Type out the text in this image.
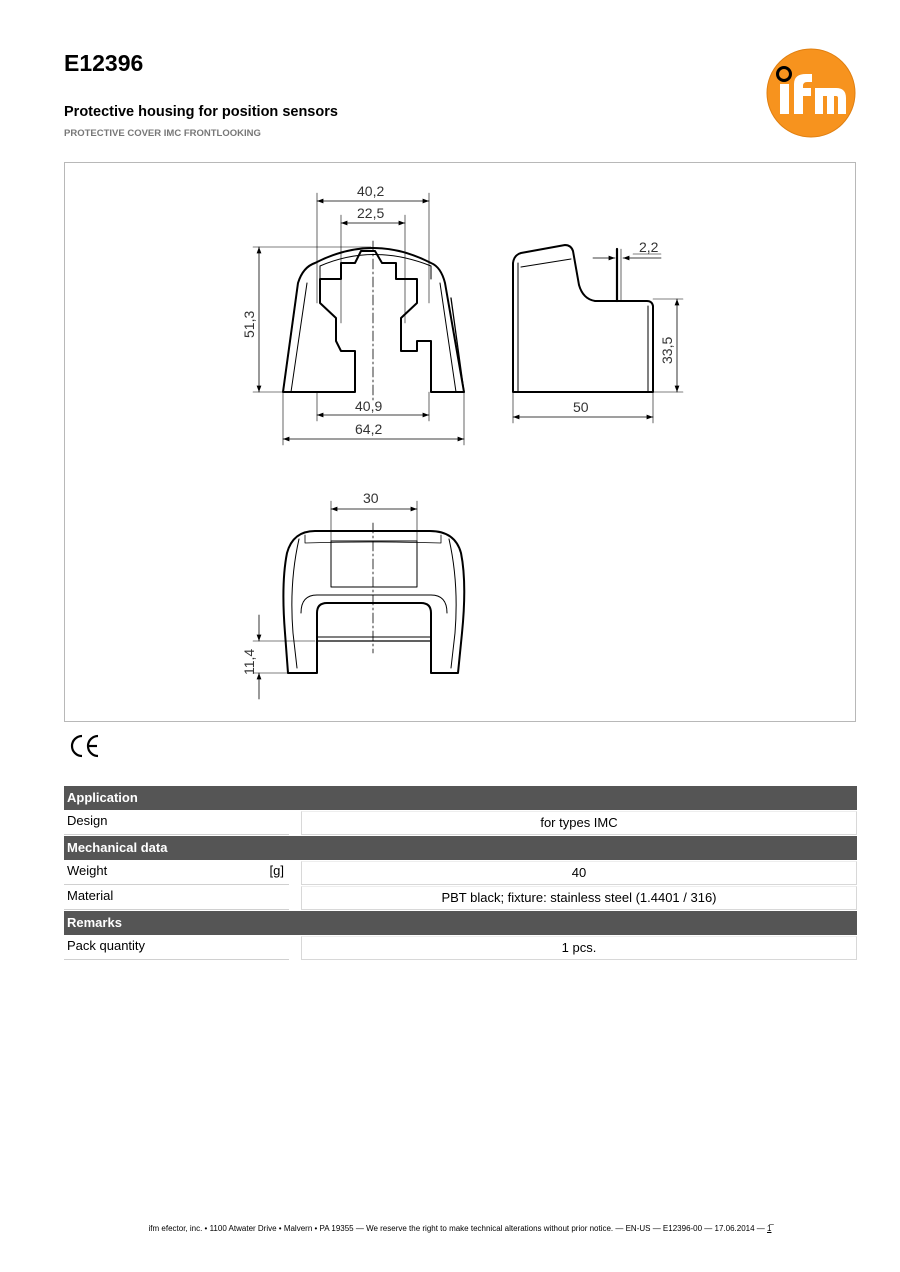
E12396
Protective housing for position sensors
PROTECTIVE COVER IMC FRONTLOOKING
40,2
22,5
51,3
40,9
64,2
2,2
33,5
50
30
11,4
Application
Design	for types IMC
Mechanical data
Weight	[g]	40
Material	PBT black; fixture: stainless steel (1.4401 / 316)
Remarks
Pack quantity	1 pcs.
ifm efector, inc. • 1100 Atwater Drive • Malvern • PA 19355 — We reserve the right to make technical alterations without prior notice. — EN-US — E12396-00 — 17.06.2014 — 1̅
